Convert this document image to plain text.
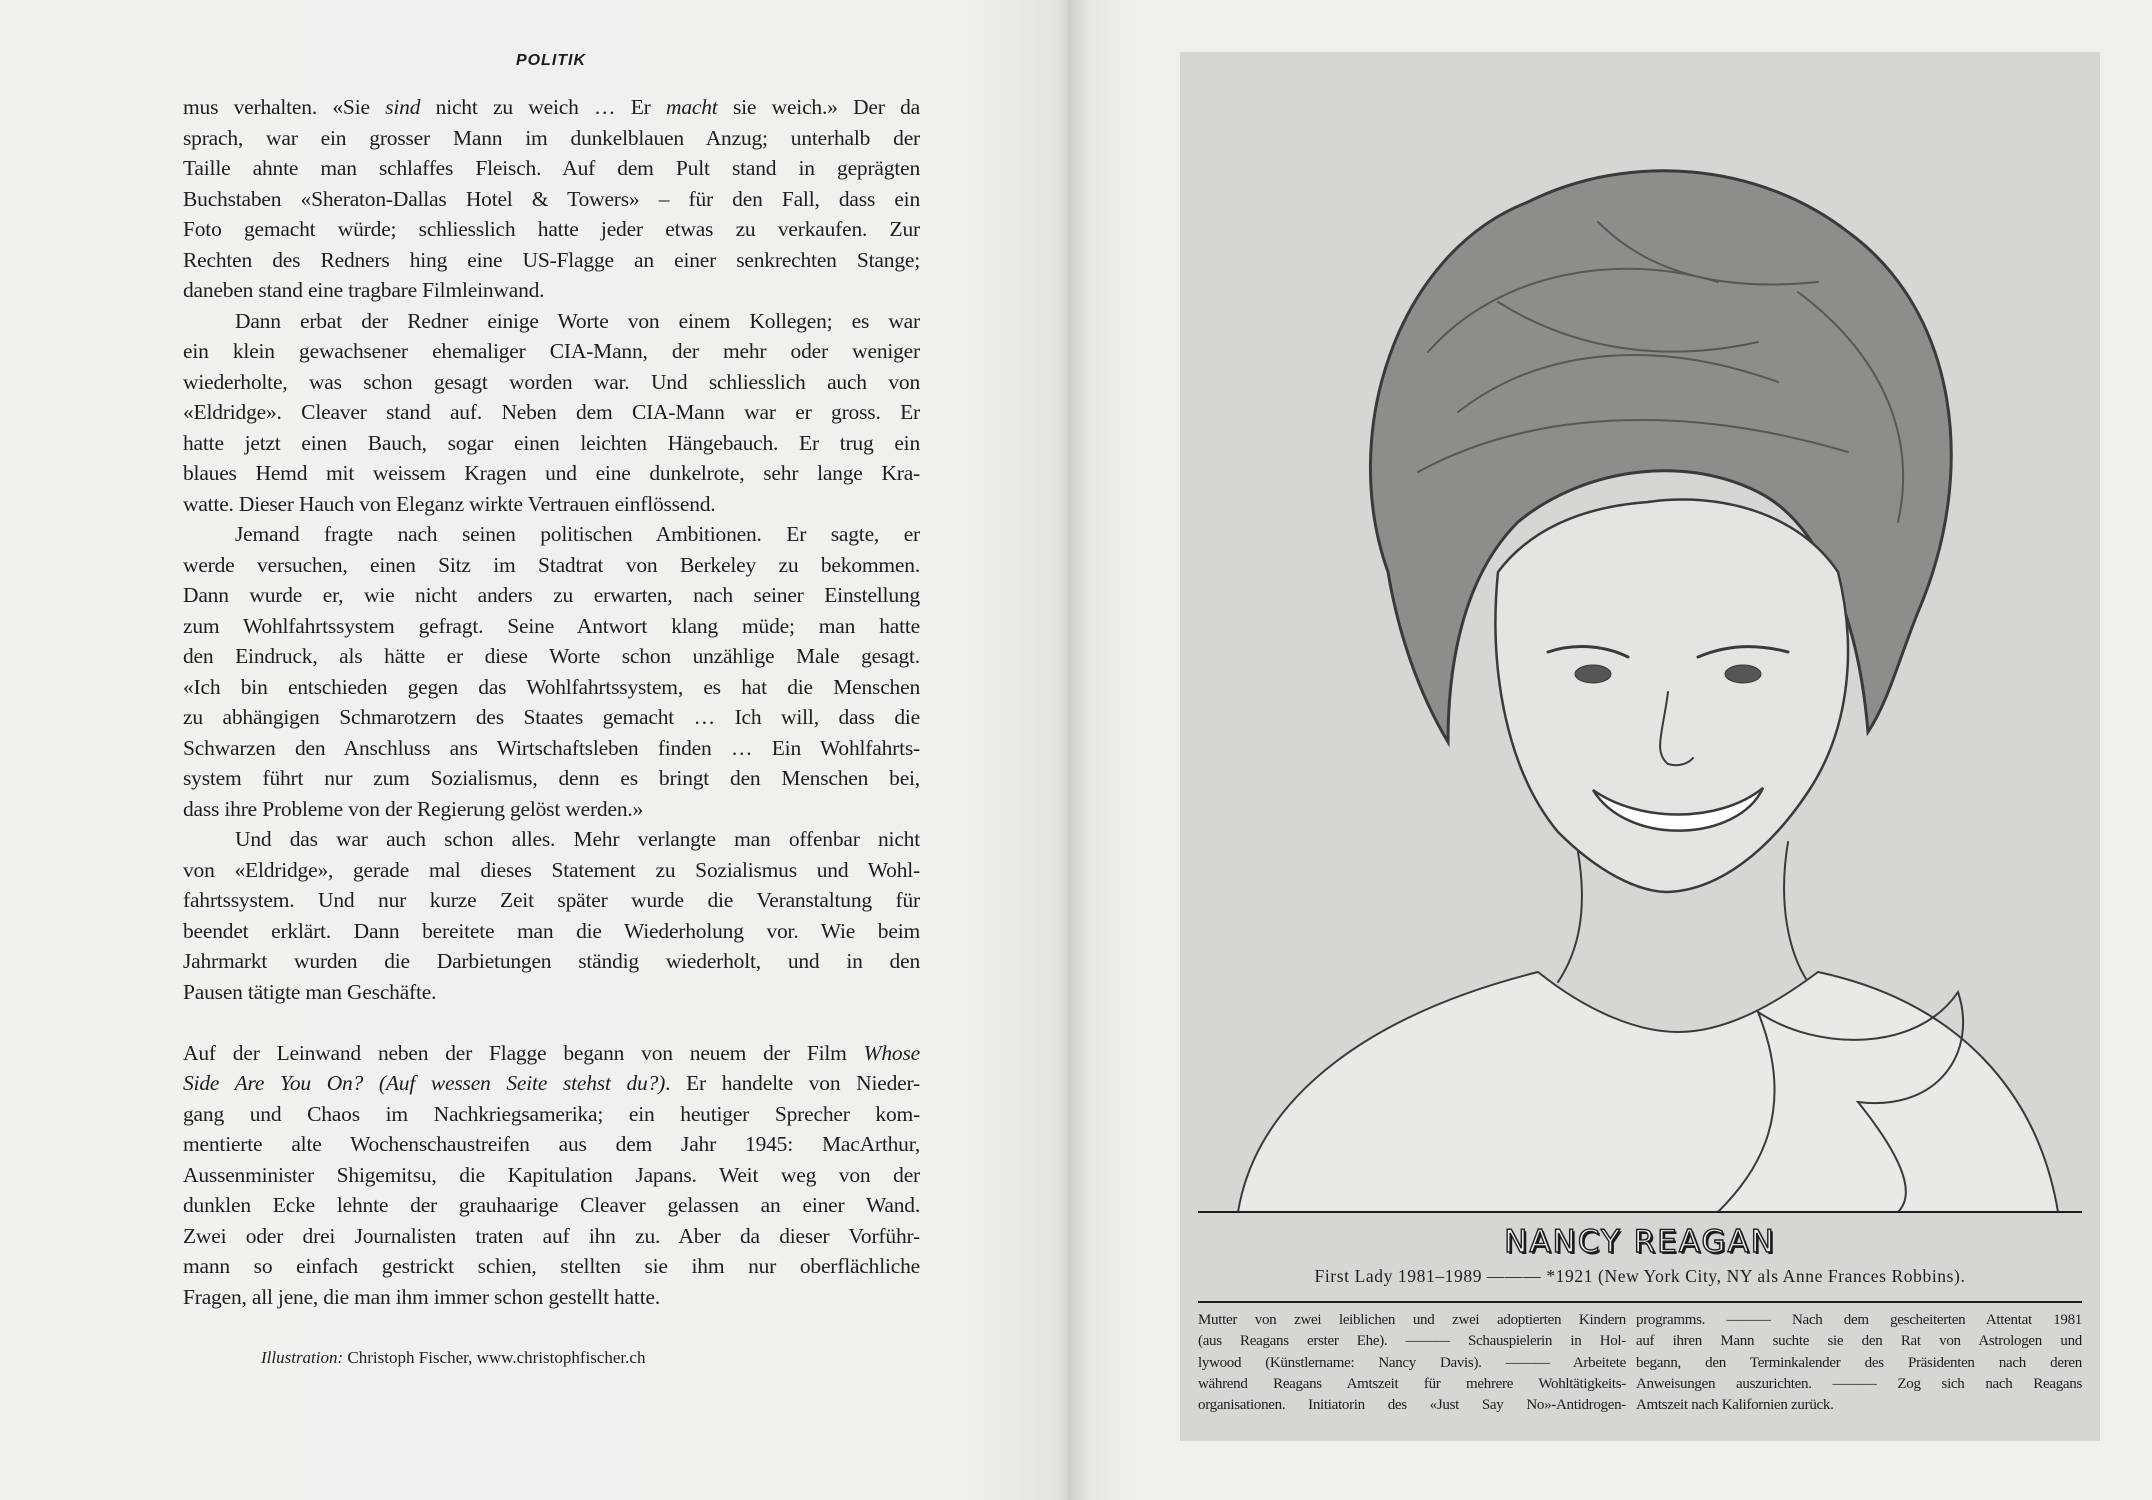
POLITIK
mus verhalten. «Sie sind nicht zu weich … Er macht sie weich.» Der da
sprach, war ein grosser Mann im dunkelblauen Anzug; unterhalb der
Taille ahnte man schlaffes Fleisch. Auf dem Pult stand in geprägten
Buchstaben «Sheraton-Dallas Hotel & Towers» – für den Fall, dass ein
Foto gemacht würde; schliesslich hatte jeder etwas zu verkaufen. Zur
Rechten des Redners hing eine US-Flagge an einer senkrechten Stange;
daneben stand eine tragbare Filmleinwand.
Dann erbat der Redner einige Worte von einem Kollegen; es war
ein klein gewachsener ehemaliger CIA-Mann, der mehr oder weniger
wiederholte, was schon gesagt worden war. Und schliesslich auch von
«Eldridge». Cleaver stand auf. Neben dem CIA-Mann war er gross. Er
hatte jetzt einen Bauch, sogar einen leichten Hängebauch. Er trug ein
blaues Hemd mit weissem Kragen und eine dunkelrote, sehr lange Kra-
watte. Dieser Hauch von Eleganz wirkte Vertrauen einflössend.
Jemand fragte nach seinen politischen Ambitionen. Er sagte, er
werde versuchen, einen Sitz im Stadtrat von Berkeley zu bekommen.
Dann wurde er, wie nicht anders zu erwarten, nach seiner Einstellung
zum Wohlfahrtssystem gefragt. Seine Antwort klang müde; man hatte
den Eindruck, als hätte er diese Worte schon unzählige Male gesagt.
«Ich bin entschieden gegen das Wohlfahrtssystem, es hat die Menschen
zu abhängigen Schmarotzern des Staates gemacht … Ich will, dass die
Schwarzen den Anschluss ans Wirtschaftsleben finden … Ein Wohlfahrts-
system führt nur zum Sozialismus, denn es bringt den Menschen bei,
dass ihre Probleme von der Regierung gelöst werden.»
Und das war auch schon alles. Mehr verlangte man offenbar nicht
von «Eldridge», gerade mal dieses Statement zu Sozialismus und Wohl-
fahrtssystem. Und nur kurze Zeit später wurde die Veranstaltung für
beendet erklärt. Dann bereitete man die Wiederholung vor. Wie beim
Jahrmarkt wurden die Darbietungen ständig wiederholt, und in den
Pausen tätigte man Geschäfte.
Auf der Leinwand neben der Flagge begann von neuem der Film Whose
Side Are You On? (Auf wessen Seite stehst du?). Er handelte von Nieder-
gang und Chaos im Nachkriegsamerika; ein heutiger Sprecher kom-
mentierte alte Wochenschaustreifen aus dem Jahr 1945: MacArthur,
Aussenminister Shigemitsu, die Kapitulation Japans. Weit weg von der
dunklen Ecke lehnte der grauhaarige Cleaver gelassen an einer Wand.
Zwei oder drei Journalisten traten auf ihn zu. Aber da dieser Vorführ-
mann so einfach gestrickt schien, stellten sie ihm nur oberflächliche
Fragen, all jene, die man ihm immer schon gestellt hatte.
Illustration: Christoph Fischer, www.christophfischer.ch
NANCY REAGAN
First Lady 1981–1989 ——— *1921 (New York City, NY als Anne Frances Robbins).
Mutter von zwei leiblichen und zwei adoptierten Kindern
(aus Reagans erster Ehe). ——— Schauspielerin in Hol-
lywood (Künstlername: Nancy Davis). ——— Arbeitete
während Reagans Amtszeit für mehrere Wohltätigkeits-
organisationen. Initiatorin des «Just Say No»-Antidrogen-
programms. ——— Nach dem gescheiterten Attentat 1981
auf ihren Mann suchte sie den Rat von Astrologen und
begann, den Terminkalender des Präsidenten nach deren
Anweisungen auszurichten. ——— Zog sich nach Reagans
Amtszeit nach Kalifornien zurück.
